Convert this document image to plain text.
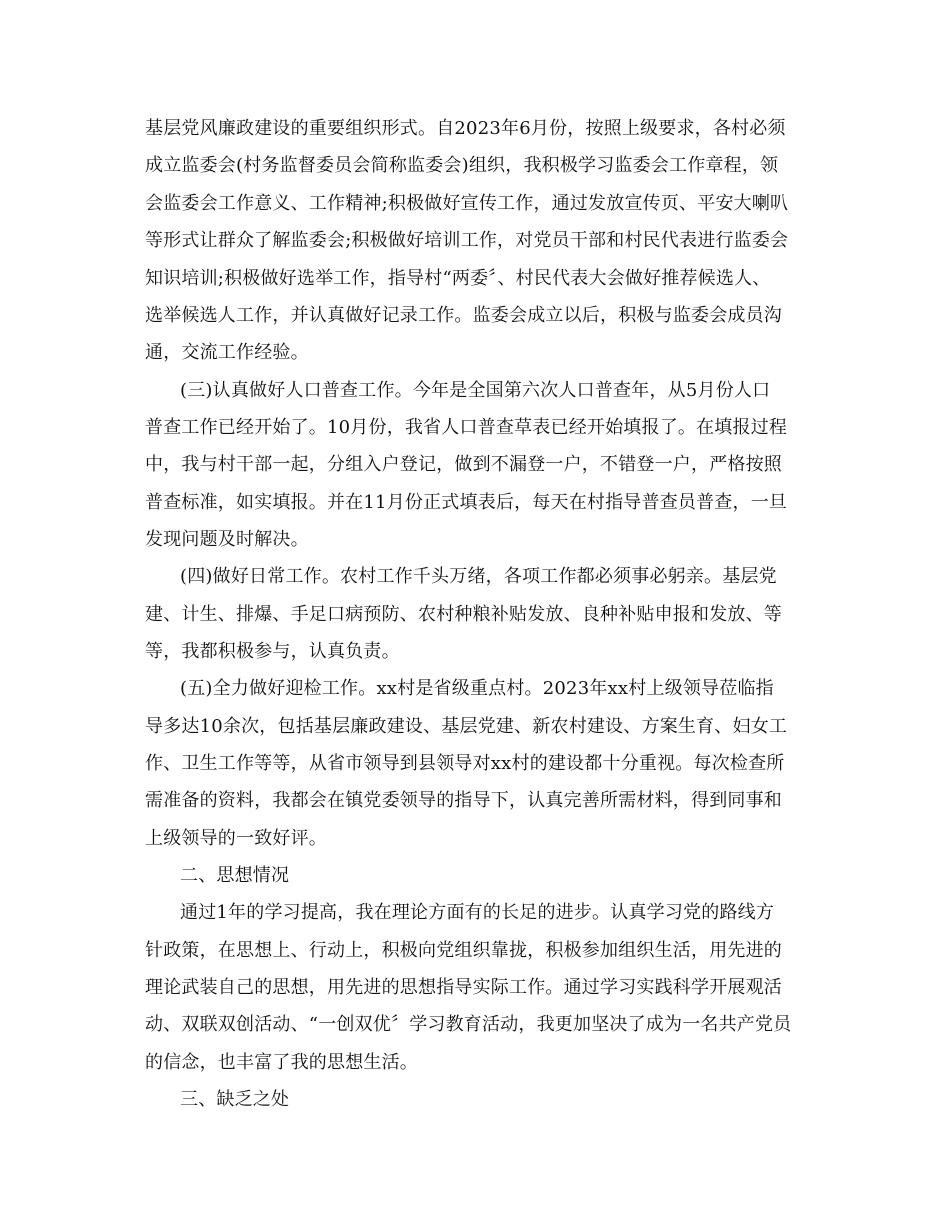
基层党风廉政建设的重要组织形式。自2023年6月份，按照上级要求，各村必须
成立监委会(村务监督委员会简称监委会)组织，我积极学习监委会工作章程，领
会监委会工作意义、工作精神;积极做好宣传工作，通过发放宣传页、平安大喇叭
等形式让群众了解监委会;积极做好培训工作，对党员干部和村民代表进行监委会
知识培训;积极做好选举工作，指导村“两委〞、村民代表大会做好推荐候选人、
选举候选人工作，并认真做好记录工作。监委会成立以后，积极与监委会成员沟
通，交流工作经验。
(三)认真做好人口普查工作。今年是全国第六次人口普查年，从5月份人口
普查工作已经开始了。10月份，我省人口普查草表已经开始填报了。在填报过程
中，我与村干部一起，分组入户登记，做到不漏登一户，不错登一户，严格按照
普查标准，如实填报。并在11月份正式填表后，每天在村指导普查员普查，一旦
发现问题及时解决。
(四)做好日常工作。农村工作千头万绪，各项工作都必须事必躬亲。基层党
建、计生、排爆、手足口病预防、农村种粮补贴发放、良种补贴申报和发放、等
等，我都积极参与，认真负责。
(五)全力做好迎检工作。xx村是省级重点村。2023年xx村上级领导莅临指
导多达10余次，包括基层廉政建设、基层党建、新农村建设、方案生育、妇女工
作、卫生工作等等，从省市领导到县领导对xx村的建设都十分重视。每次检查所
需准备的资料，我都会在镇党委领导的指导下，认真完善所需材料，得到同事和
上级领导的一致好评。
二、思想情况
通过1年的学习提高，我在理论方面有的长足的进步。认真学习党的路线方
针政策，在思想上、行动上，积极向党组织靠拢，积极参加组织生活，用先进的
理论武装自己的思想，用先进的思想指导实际工作。通过学习实践科学开展观活
动、双联双创活动、“一创双优〞学习教育活动，我更加坚决了成为一名共产党员
的信念，也丰富了我的思想生活。
三、缺乏之处
